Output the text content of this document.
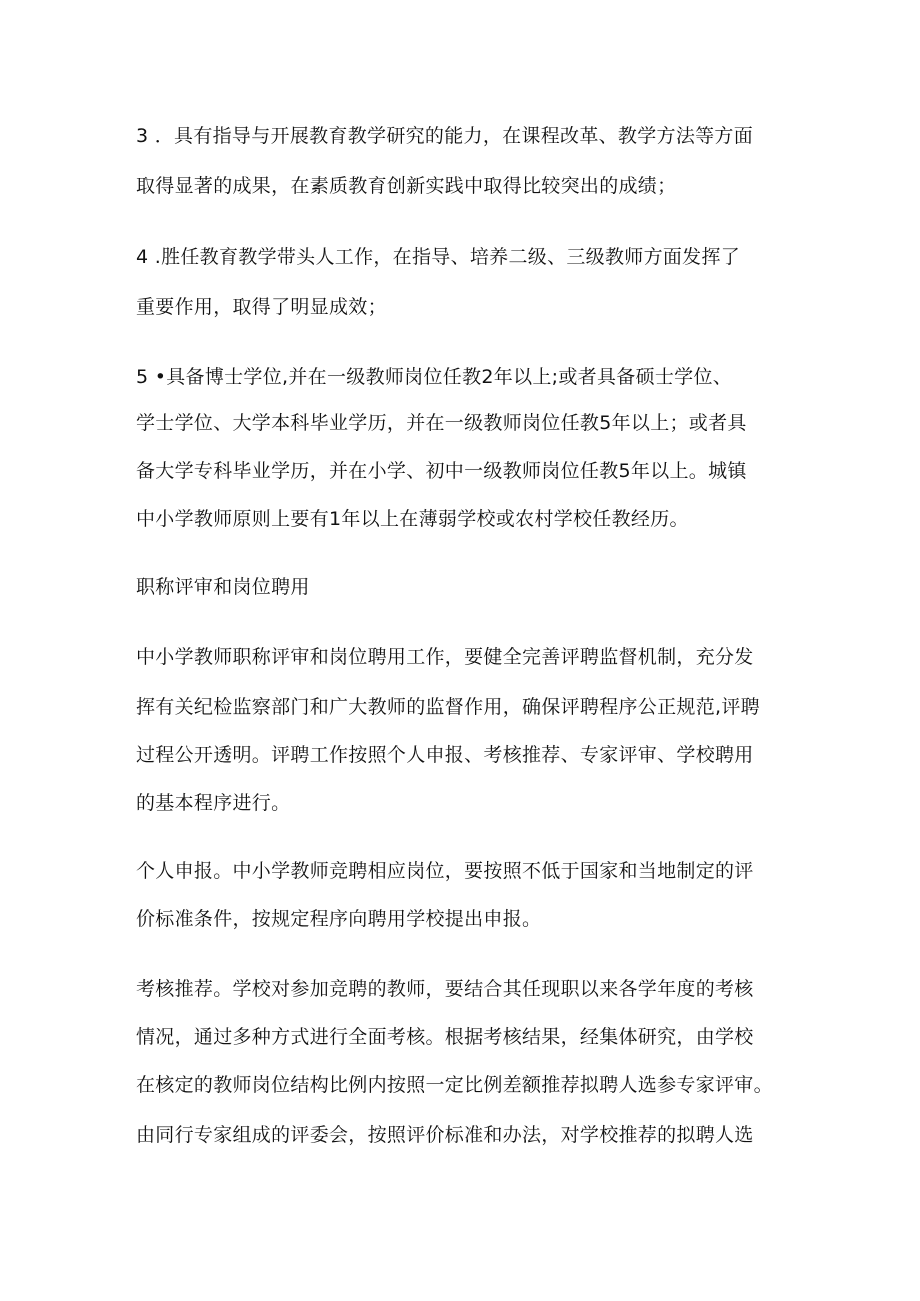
3 ．具有指导与开展教育教学研究的能力，在课程改革、教学方法等方面

取得显著的成果，在素质教育创新实践中取得比较突出的成绩；

4 .胜任教育教学带头人工作，在指导、培养二级、三级教师方面发挥了

重要作用，取得了明显成效；

5 •具备博士学位,并在一级教师岗位任教2年以上;或者具备硕士学位、

学士学位、大学本科毕业学历，并在一级教师岗位任教5年以上；或者具

备大学专科毕业学历，并在小学、初中一级教师岗位任教5年以上。城镇

中小学教师原则上要有1年以上在薄弱学校或农村学校任教经历。

职称评审和岗位聘用

中小学教师职称评审和岗位聘用工作，要健全完善评聘监督机制，充分发

挥有关纪检监察部门和广大教师的监督作用，确保评聘程序公正规范,评聘

过程公开透明。评聘工作按照个人申报、考核推荐、专家评审、学校聘用

的基本程序进行。

个人申报。中小学教师竞聘相应岗位，要按照不低于国家和当地制定的评

价标准条件，按规定程序向聘用学校提出申报。

考核推荐。学校对参加竞聘的教师，要结合其任现职以来各学年度的考核

情况，通过多种方式进行全面考核。根据考核结果，经集体研究，由学校

在核定的教师岗位结构比例内按照一定比例差额推荐拟聘人选参专家评审。

由同行专家组成的评委会，按照评价标准和办法，对学校推荐的拟聘人选
